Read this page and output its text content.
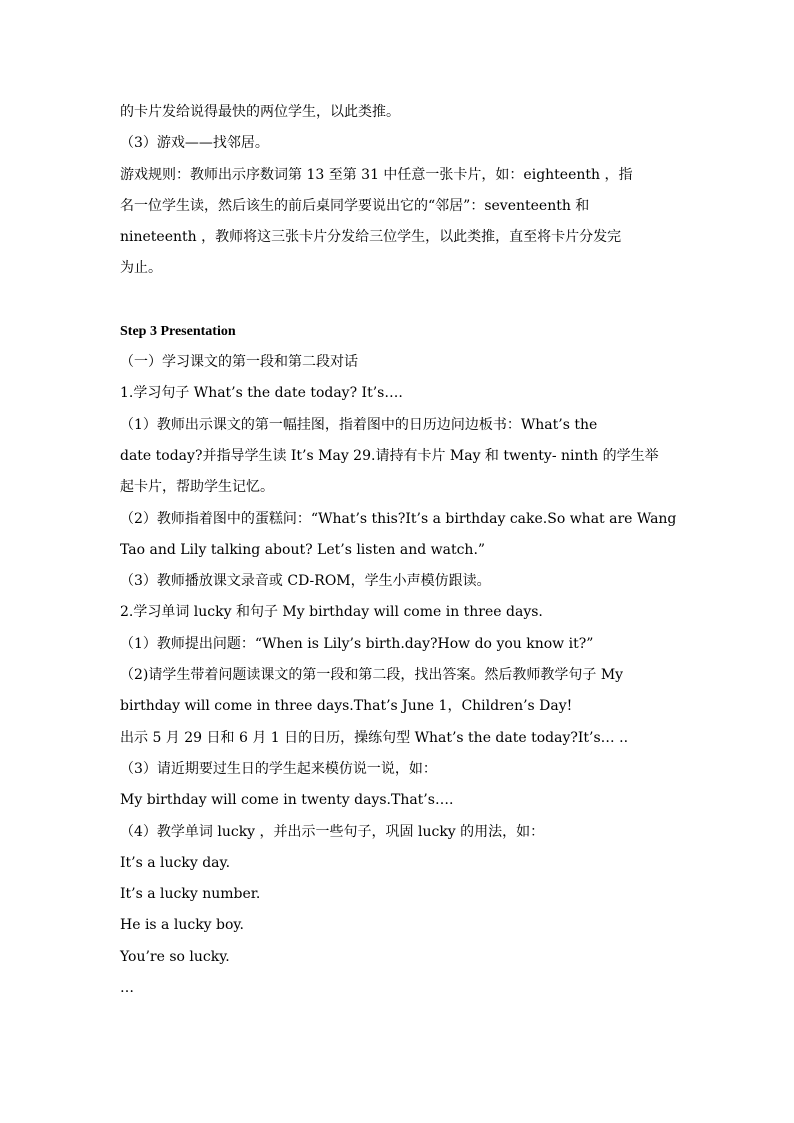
的卡片发给说得最快的两位学生，以此类推。
（3）游戏——找邻居。
游戏规则：教师出示序数词第 13 至第 31 中任意一张卡片，如：eighteenth ，指
名一位学生读，然后该生的前后桌同学要说出它的“邻居”：seventeenth 和
nineteenth ，教师将这三张卡片分发给三位学生，以此类推，直至将卡片分发完
为止。
Step 3 Presentation
（一）学习课文的第一段和第二段对话
1.学习句子 What’s the date today? It’s….
（1）教师出示课文的第一幅挂图，指着图中的日历边问边板书：What’s the
date today?并指导学生读 It’s May 29.请持有卡片 May 和 twenty- ninth 的学生举
起卡片，帮助学生记忆。
（2）教师指着图中的蛋糕问：“What’s this?It’s a birthday cake.So what are Wang
Tao and Lily talking about? Let’s listen and watch.”
（3）教师播放课文录音或 CD-ROM，学生小声模仿跟读。
2.学习单词 lucky 和句子 My birthday will come in three days.
（1）教师提出问题：“When is Lily’s birth.day?How do you know it?”
（2)请学生带着问题读课文的第一段和第二段，找出答案。然后教师教学句子 My
birthday will come in three days.That’s June 1，Children’s Day!
出示 5 月 29 日和 6 月 1 日的日历，操练句型 What’s the date today?It’s… ..
（3）请近期要过生日的学生起来模仿说一说，如：
My birthday will come in twenty days.That’s….
（4）教学单词 lucky ，并出示一些句子，巩固 lucky 的用法，如：
It’s a lucky day.
It’s a lucky number.
He is a lucky boy.
You’re so lucky.
…
